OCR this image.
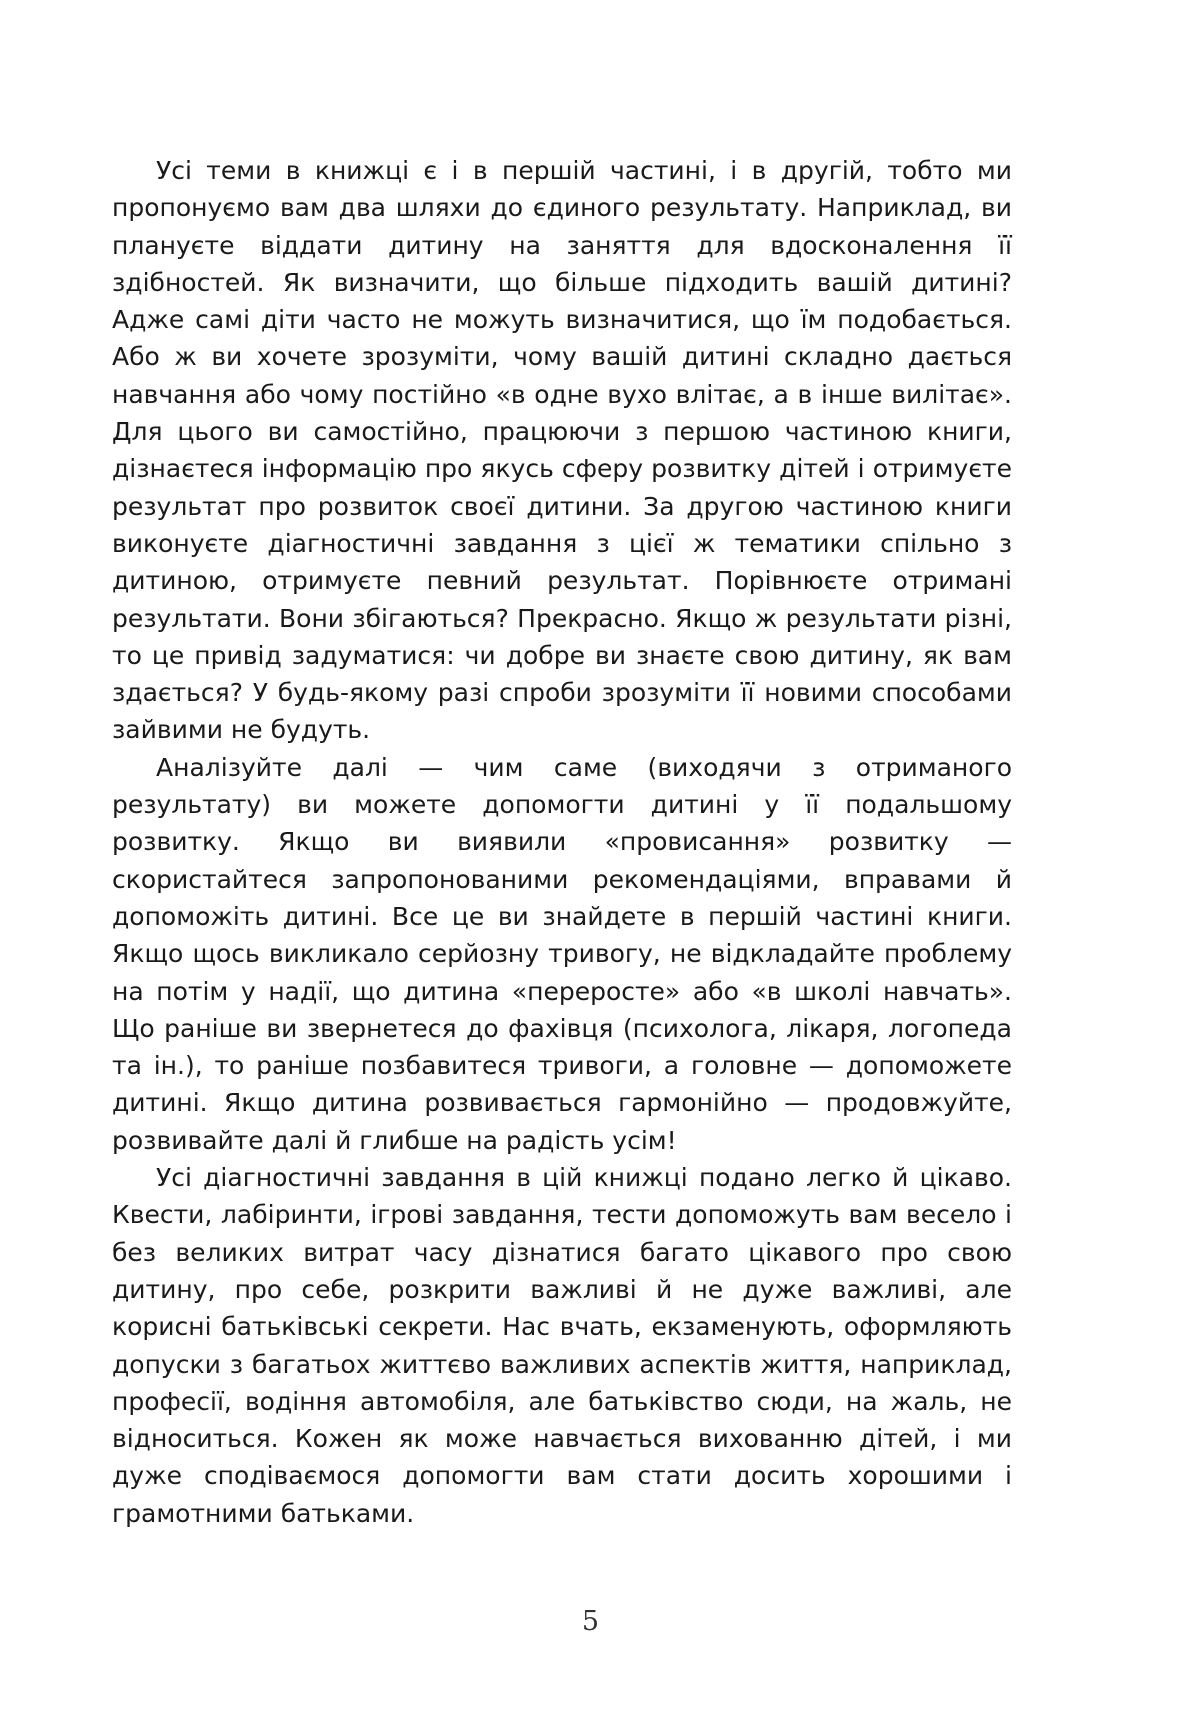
Усі теми в книжці є і в першій частині, і в другій, тобто ми пропонуємо вам два шляхи до єдиного результату. Наприклад, ви плануєте віддати дитину на заняття для вдосконалення її здібностей. Як визначити, що більше підходить вашій дитині? Адже самі діти часто не можуть визначитися, що їм подобається. Або ж ви хочете зрозуміти, чому вашій дитині складно дається навчання або чому постійно «в одне вухо влітає, а в інше вилітає». Для цього ви самостійно, працюючи з першою частиною книги, дізнаєтеся інформацію про якусь сферу розвитку дітей і отримуєте результат про розвиток своєї дитини. За другою частиною книги виконуєте діагностичні завдання з цієї ж тематики спільно з дитиною, отримуєте певний результат. Порівнюєте отримані результати. Вони збігаються? Прекрасно. Якщо ж результати різні, то це привід задуматися: чи добре ви знаєте свою дитину, як вам здається? У будь-якому разі спроби зрозуміти її новими способами зайвими не будуть.

Аналізуйте далі — чим саме (виходячи з отриманого результату) ви можете допомогти дитині у її подальшому розвитку. Якщо ви виявили «провисання» розвитку — скористайтеся запропонованими рекомендаціями, вправами й допоможіть дитині. Все це ви знайдете в першій частині книги. Якщо щось викликало серйозну тривогу, не відкладайте проблему на потім у надії, що дитина «переросте» або «в школі навчать». Що раніше ви звернетеся до фахівця (психолога, лікаря, логопеда та ін.), то раніше позбавитеся тривоги, а головне — допоможете дитині. Якщо дитина розвивається гармонійно — продовжуйте, розвивайте далі й глибше на радість усім!

Усі діагностичні завдання в цій книжці подано легко й цікаво. Квести, лабіринти, ігрові завдання, тести допоможуть вам весело і без великих витрат часу дізнатися багато цікавого про свою дитину, про себе, розкрити важливі й не дуже важливі, але корисні батьківські секрети. Нас вчать, екзаменують, оформляють допуски з багатьох життєво важливих аспектів життя, наприклад, професії, водіння автомобіля, але батьківство сюди, на жаль, не відноситься. Кожен як може навчається вихованню дітей, і ми дуже сподіваємося допомогти вам стати досить хорошими і грамотними батьками.

5
